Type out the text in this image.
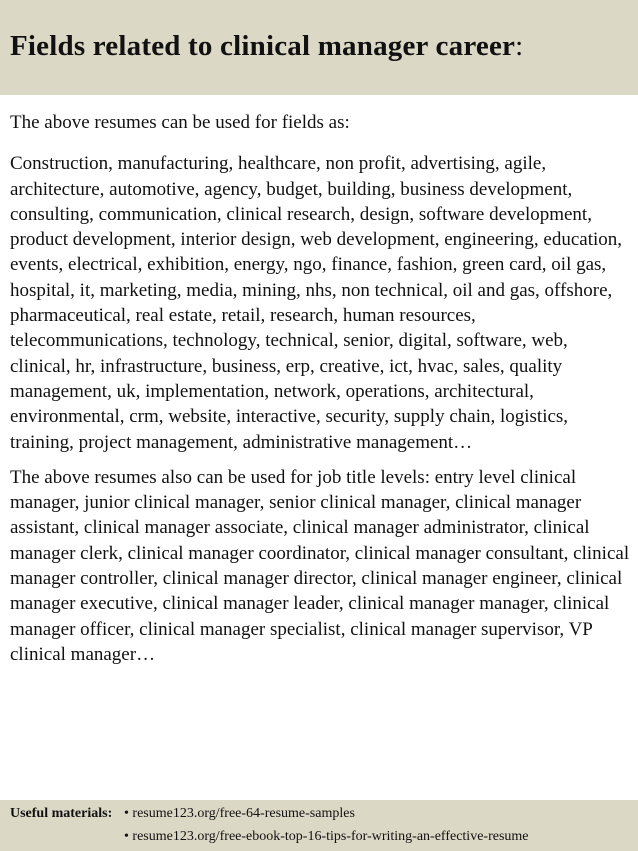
Fields related to clinical manager career:

The above resumes can be used for fields as:

Construction, manufacturing, healthcare, non profit, advertising, agile, architecture, automotive, agency, budget, building, business development, consulting, communication, clinical research, design, software development, product development, interior design, web development, engineering, education, events, electrical, exhibition, energy, ngo, finance, fashion, green card, oil gas, hospital, it, marketing, media, mining, nhs, non technical, oil and gas, offshore, pharmaceutical, real estate, retail, research, human resources, telecommunications, technology, technical, senior, digital, software, web, clinical, hr, infrastructure, business, erp, creative, ict, hvac, sales, quality management, uk, implementation, network, operations, architectural, environmental, crm, website, interactive, security, supply chain, logistics, training, project management, administrative management…

The above resumes also can be used for job title levels: entry level clinical manager, junior clinical manager, senior clinical manager, clinical manager assistant, clinical manager associate, clinical manager administrator, clinical manager clerk, clinical manager coordinator, clinical manager consultant, clinical manager controller, clinical manager director, clinical manager engineer, clinical manager executive, clinical manager leader, clinical manager manager, clinical manager officer, clinical manager specialist, clinical manager supervisor, VP clinical manager…

Useful materials: • resume123.org/free-64-resume-samples
• resume123.org/free-ebook-top-16-tips-for-writing-an-effective-resume
